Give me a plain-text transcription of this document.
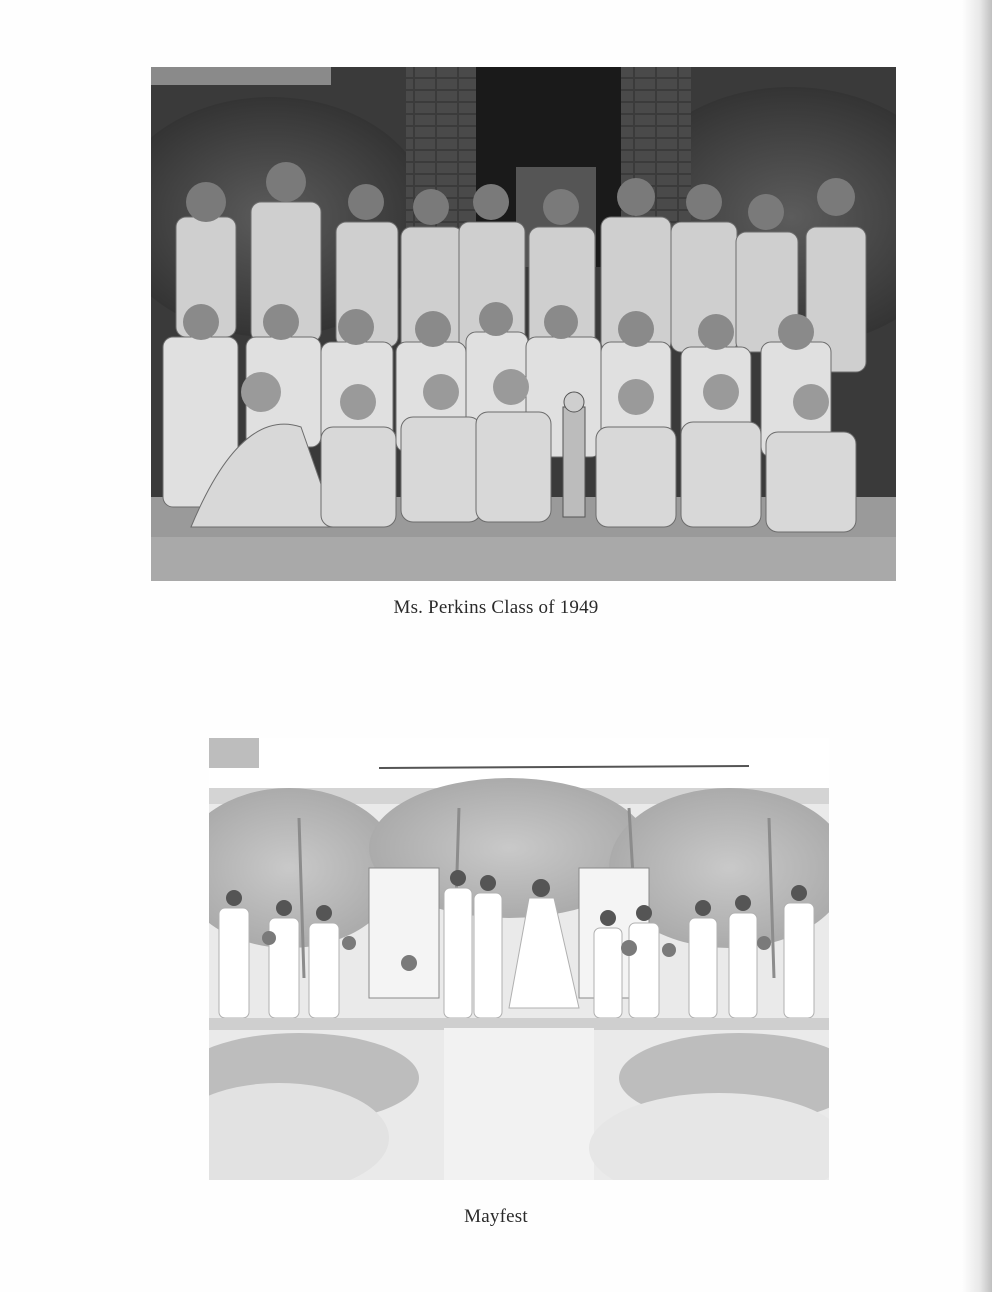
Ms. Perkins Class of 1949
Mayfest
